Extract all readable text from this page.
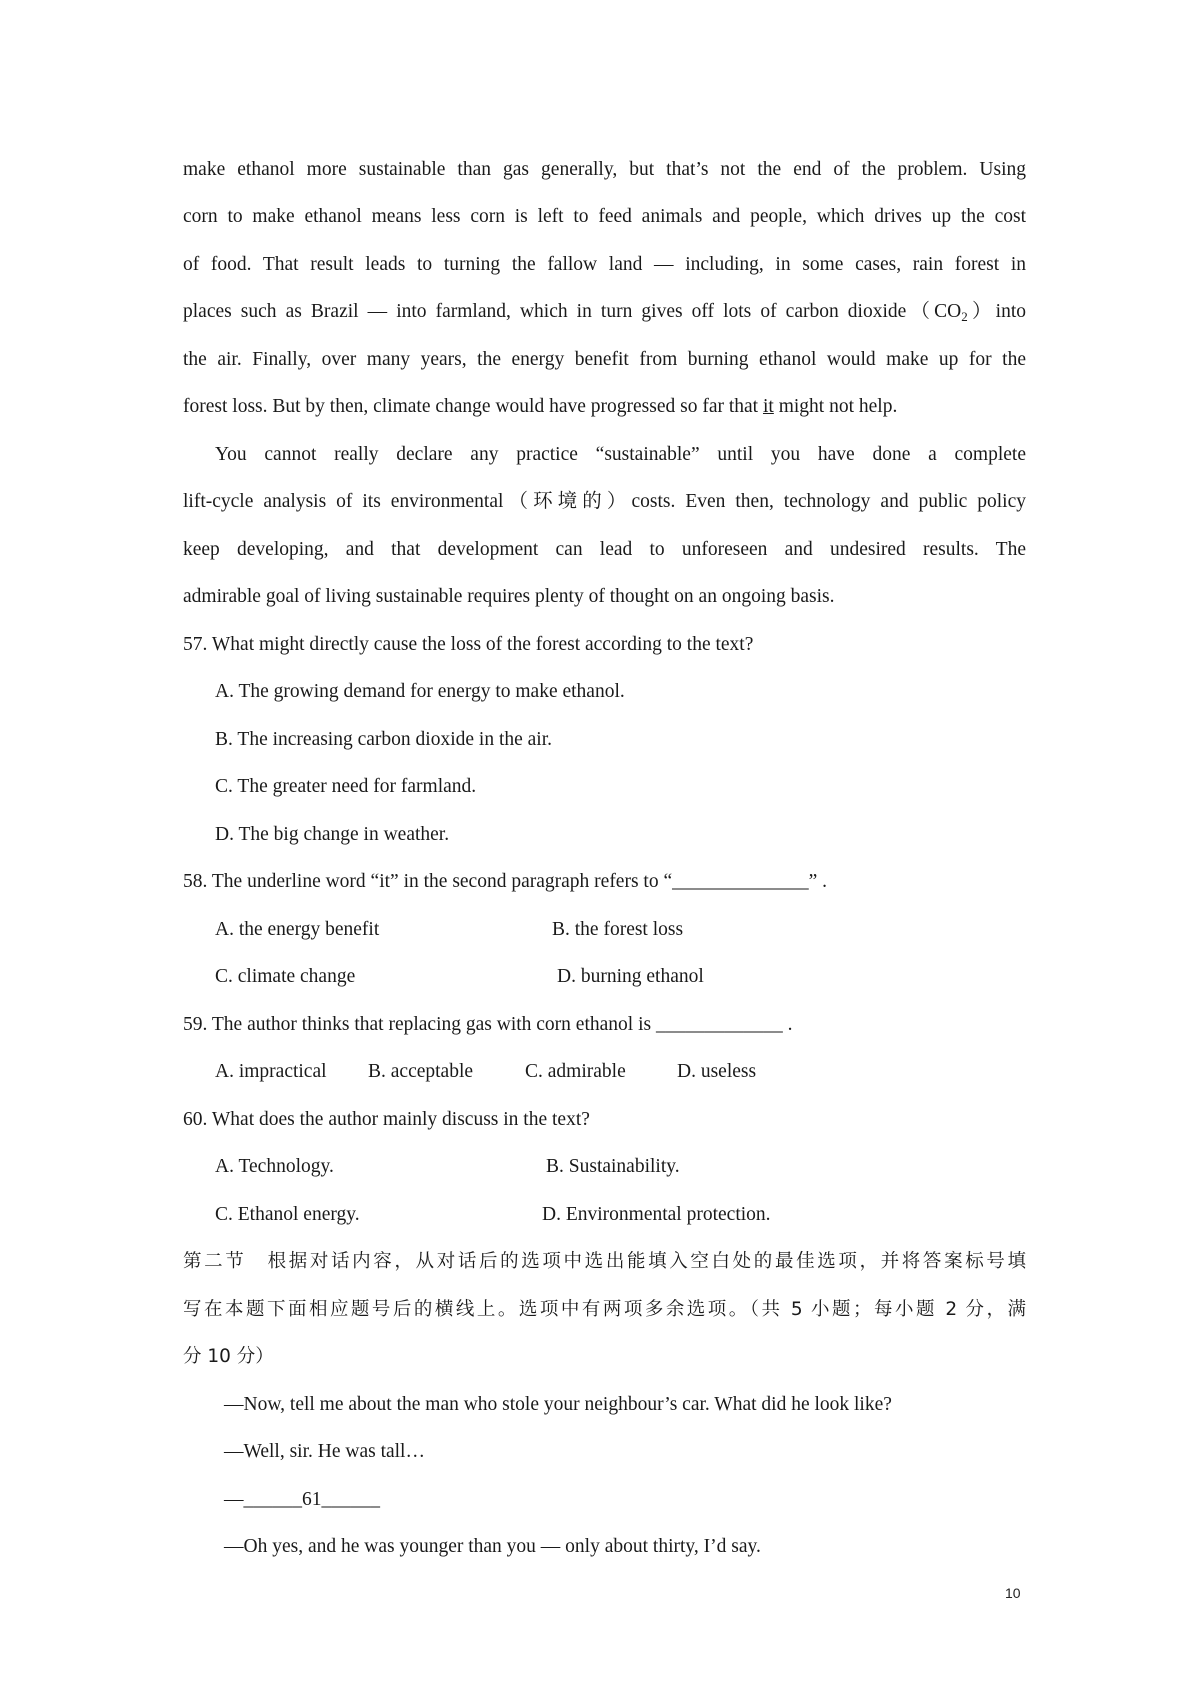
make ethanol more sustainable than gas generally, but that’s not the end of the problem. Using
corn to make ethanol means less corn is left to feed animals and people, which drives up the cost
of food. That result leads to turning the fallow land — including, in some cases, rain forest in
places such as Brazil — into farmland, which in turn gives off lots of carbon $dioxide(CO_2)into$
the air. Finally, over many years, the energy benefit from burning ethanol would make up for the
forest loss. But by then, climate change would have progressed so far that it might not help.
You cannot really declare any practice “sustainable” until you have done a complete
lift-cycle analysis of its environmental（环境的）costs. Even then, technology and public policy
keep developing, and that development can lead to unforeseen and undesired results. The
admirable goal of living sustainable requires plenty of thought on an ongoing basis.
57. What might directly cause the loss of the forest according to the text?
A. The growing demand for energy to make ethanol.
B. The increasing carbon dioxide in the air.
C. The greater need for farmland.
D. The big change in weather.
58. The underline word “it” in the second paragraph refers to “______________” .
A. the energy benefit	B. the forest loss
C. climate change	D. burning ethanol
59. The author thinks that replacing gas with corn ethanol is _____________ .
A. impractical	B. acceptable	C. admirable	D. useless
60. What does the author mainly discuss in the text?
A. Technology.	B. Sustainability.
C. Ethanol energy.	D. Environmental protection.
第二节　根据对话内容，从对话后的选项中选出能填入空白处的最佳选项，并将答案标号填
写在本题下面相应题号后的横线上。选项中有两项多余选项。（共 5 小题；每小题 2 分，满
分 10 分）
—Now, tell me about the man who stole your neighbour’s car. What did he look like?
—Well, sir. He was tall…
—______61______
—Oh yes, and he was younger than you — only about thirty, I’d say.
10
